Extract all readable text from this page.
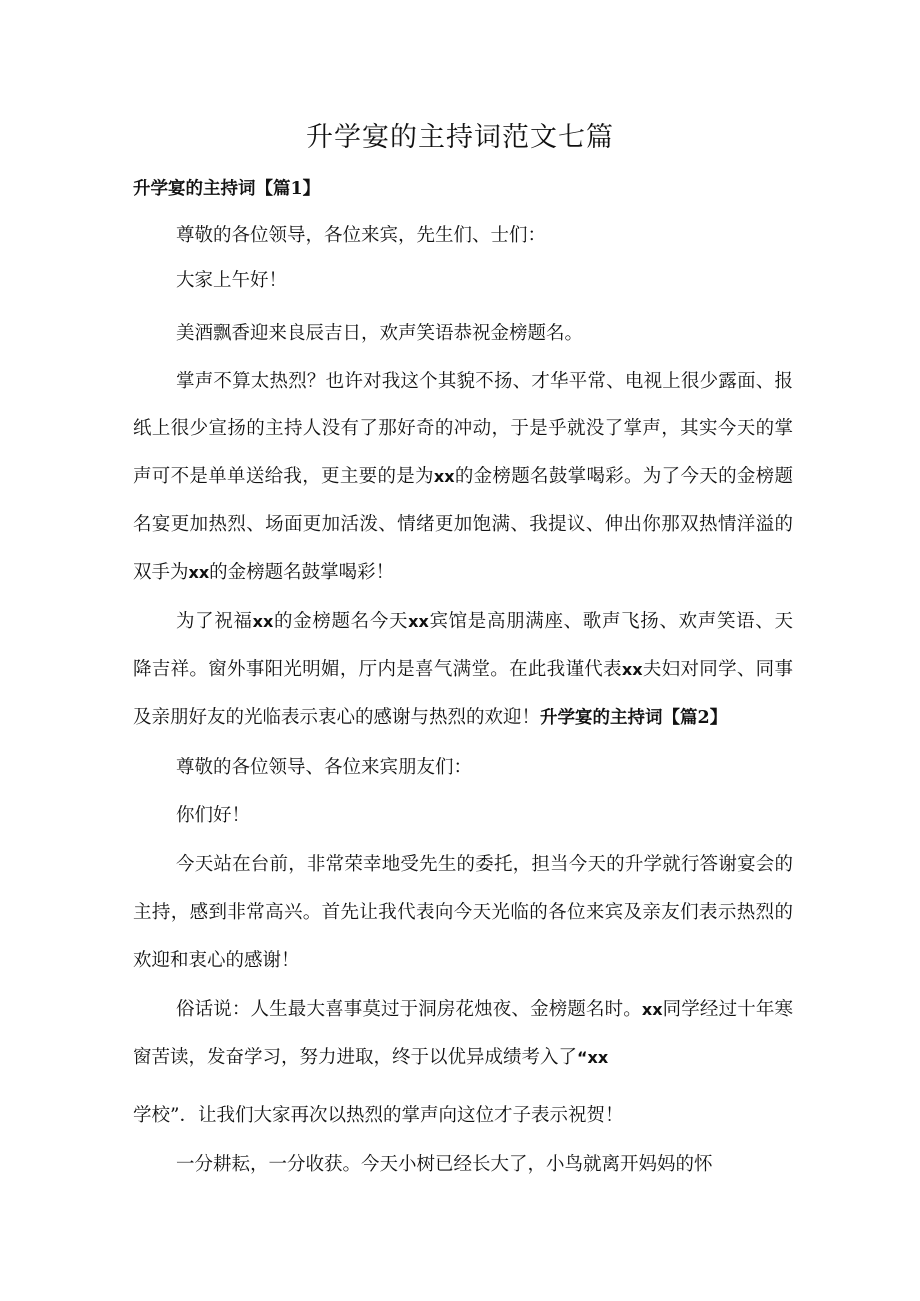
升学宴的主持词范文七篇
升学宴的主持词【篇1】

尊敬的各位领导，各位来宾，先生们、士们：

大家上午好！

美酒飘香迎来良辰吉日，欢声笑语恭祝金榜题名。

掌声不算太热烈？也许对我这个其貌不扬、才华平常、电视上很少露面、报

纸上很少宣扬的主持人没有了那好奇的冲动，于是乎就没了掌声，其实今天的掌

声可不是单单送给我，更主要的是为xx的金榜题名鼓掌喝彩。为了今天的金榜题

名宴更加热烈、场面更加活泼、情绪更加饱满、我提议、伸出你那双热情洋溢的

双手为xx的金榜题名鼓掌喝彩！

为了祝福xx的金榜题名今天xx宾馆是高朋满座、歌声飞扬、欢声笑语、天

降吉祥。窗外事阳光明媚，厅内是喜气满堂。在此我谨代表xx夫妇对同学、同事

及亲朋好友的光临表示衷心的感谢与热烈的欢迎！升学宴的主持词【篇2】

尊敬的各位领导、各位来宾朋友们：

你们好！

今天站在台前，非常荣幸地受先生的委托，担当今天的升学就行答谢宴会的

主持，感到非常高兴。首先让我代表向今天光临的各位来宾及亲友们表示热烈的

欢迎和衷心的感谢！

俗话说：人生最大喜事莫过于洞房花烛夜、金榜题名时。xx同学经过十年寒

窗苦读，发奋学习，努力进取，终于以优异成绩考入了“xx

学校”．让我们大家再次以热烈的掌声向这位才子表示祝贺！

一分耕耘，一分收获。今天小树已经长大了，小鸟就离开妈妈的怀
